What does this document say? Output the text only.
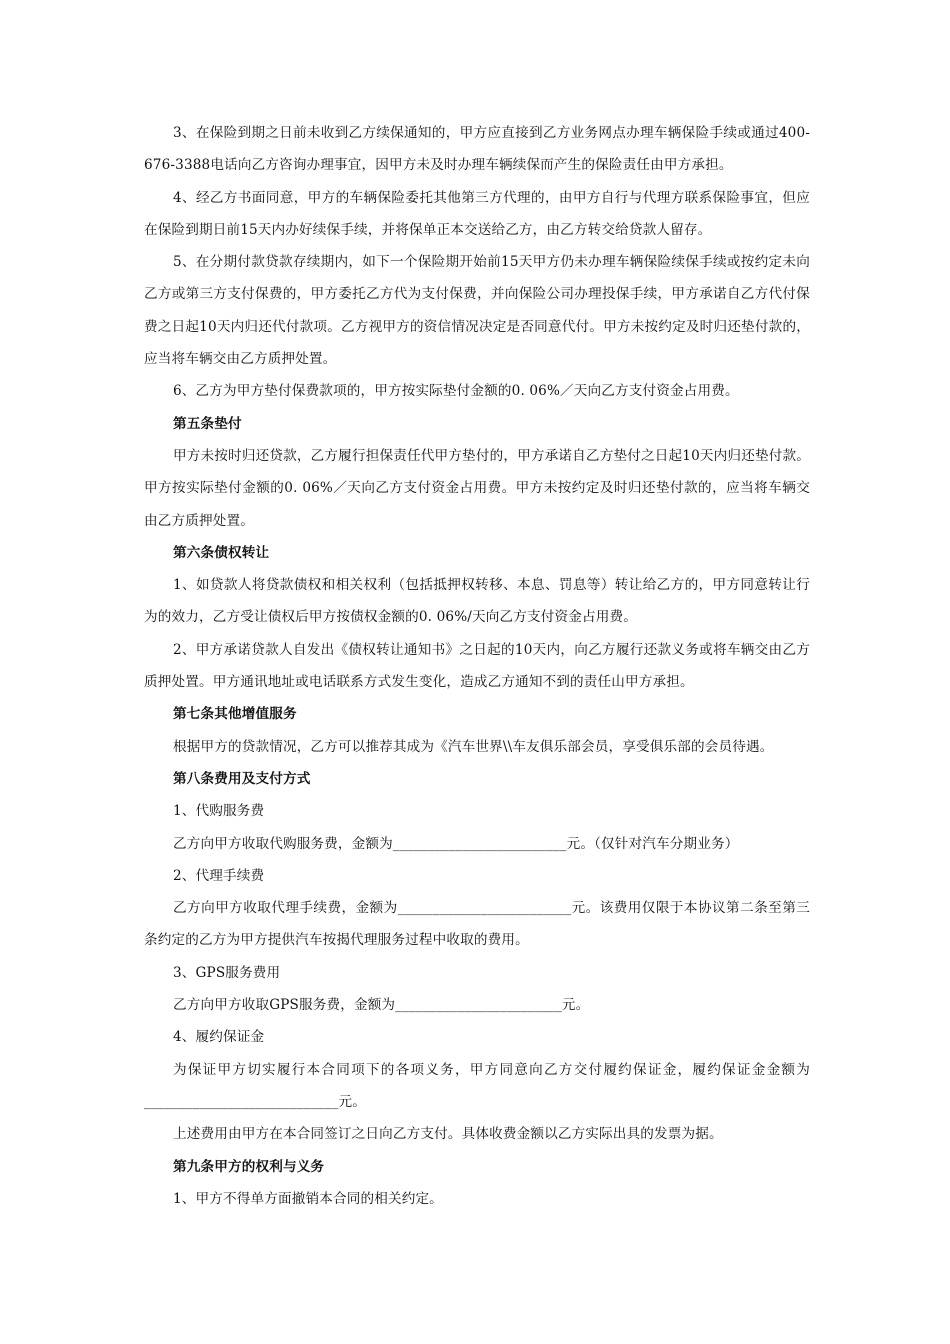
3、在保险到期之日前未收到乙方续保通知的，甲方应直接到乙方业务网点办理车辆保险手续或通过400-676-3388电话向乙方咨询办理事宜，因甲方未及时办理车辆续保而产生的保险责任由甲方承担。

4、经乙方书面同意，甲方的车辆保险委托其他第三方代理的，由甲方自行与代理方联系保险事宜，但应在保险到期日前15天内办好续保手续，并将保单正本交送给乙方，由乙方转交给贷款人留存。

5、在分期付款贷款存续期内，如下一个保险期开始前15天甲方仍未办理车辆保险续保手续或按约定未向乙方或第三方支付保费的，甲方委托乙方代为支付保费，并向保险公司办理投保手续，甲方承诺自乙方代付保费之日起10天内归还代付款项。乙方视甲方的资信情况决定是否同意代付。甲方未按约定及时归还垫付款的，应当将车辆交由乙方质押处置。

6、乙方为甲方垫付保费款项的，甲方按实际垫付金额的0. 06%／天向乙方支付资金占用费。

第五条垫付

甲方未按时归还贷款，乙方履行担保责任代甲方垫付的，甲方承诺自乙方垫付之日起10天内归还垫付款。甲方按实际垫付金额的0. 06%／天向乙方支付资金占用费。甲方未按约定及时归还垫付款的，应当将车辆交由乙方质押处置。

第六条债权转让

1、如贷款人将贷款债权和相关权利（包括抵押权转移、本息、罚息等）转让给乙方的，甲方同意转让行为的效力，乙方受让债权后甲方按债权金额的0. 06%/天向乙方支付资金占用费。

2、甲方承诺贷款人自发出《债权转让通知书》之日起的10天内，向乙方履行还款义务或将车辆交由乙方质押处置。甲方通讯地址或电话联系方式发生变化，造成乙方通知不到的责任山甲方承担。

第七条其他增值服务

根据甲方的贷款情况，乙方可以推荐其成为《汽车世界\\车友俱乐部会员，享受俱乐部的会员待遇。

第八条费用及支付方式

1、代购服务费

乙方向甲方收取代购服务费，金额为_________________________元。（仅针对汽车分期业务）

2、代理手续费

乙方向甲方收取代理手续费，金额为_________________________元。该费用仅限于本协议第二条至第三条约定的乙方为甲方提供汽车按揭代理服务过程中收取的费用。

3、GPS服务费用

乙方向甲方收取GPS服务费，金额为________________________元。

4、履约保证金

为保证甲方切实履行本合同项下的各项义务，甲方同意向乙方交付履约保证金，履约保证金金额为 ____________________________元。

上述费用由甲方在本合同签订之日向乙方支付。具体收费金额以乙方实际出具的发票为据。

第九条甲方的权利与义务

1、甲方不得单方面撤销本合同的相关约定。
